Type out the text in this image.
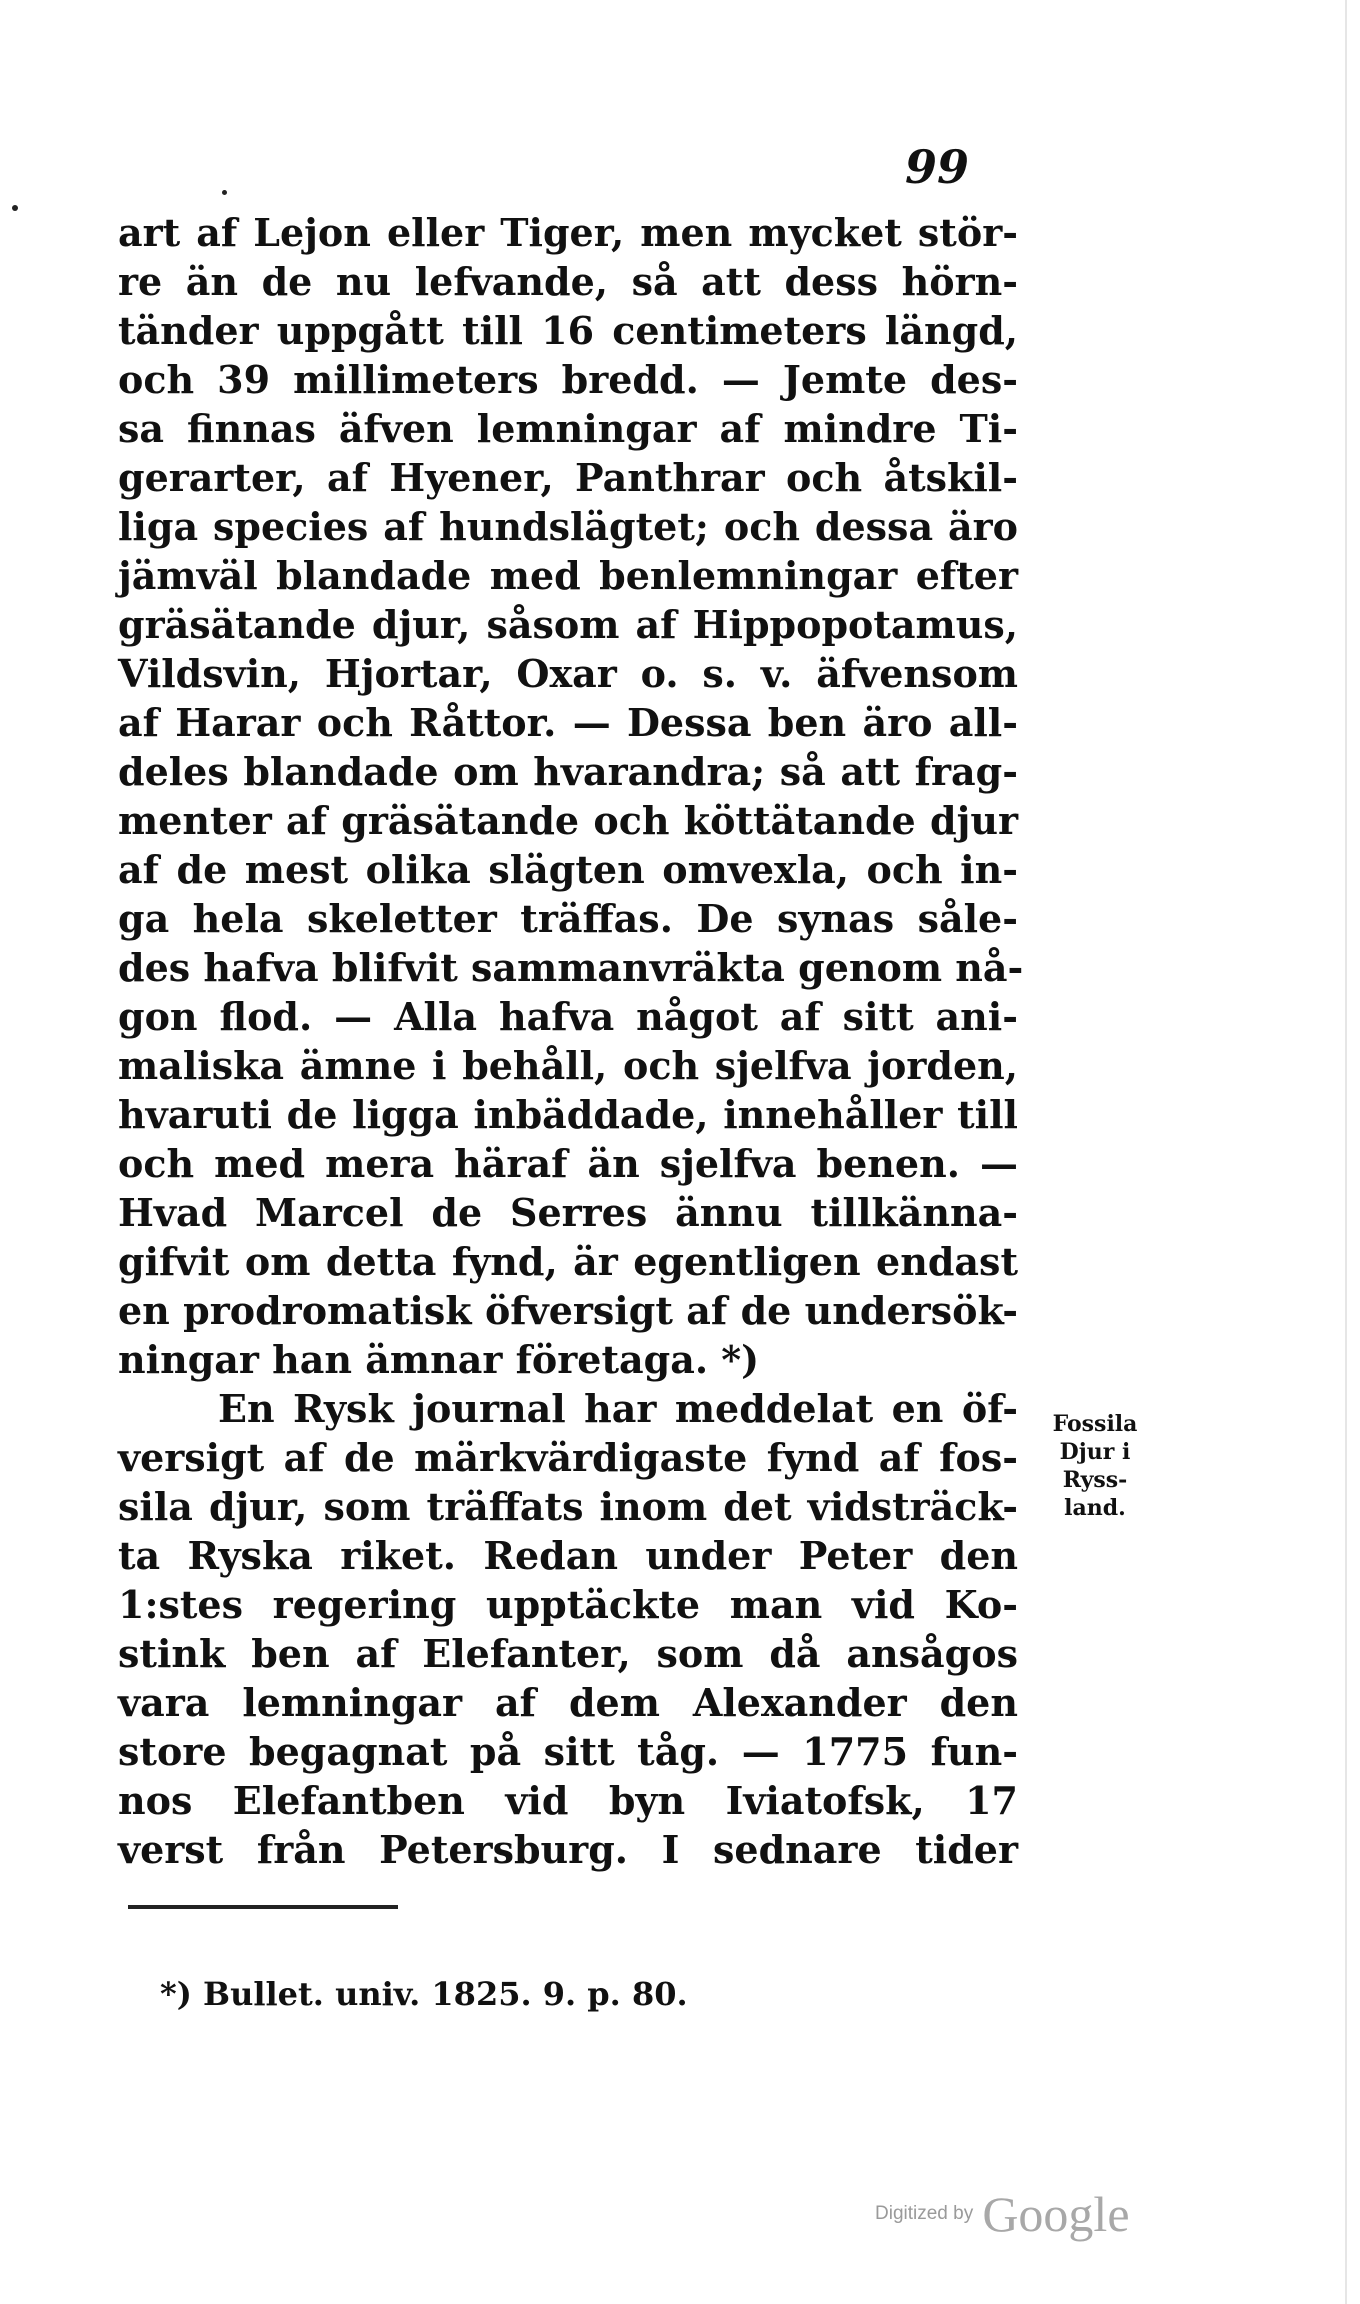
99
art af Lejon eller Tiger, men mycket stör-
re än de nu lefvande, så att dess hörn-
tänder uppgått till 16 centimeters längd,
och 39 millimeters bredd. — Jemte des-
sa finnas äfven lemningar af mindre Ti-
gerarter, af Hyener, Panthrar och åtskil-
liga species af hundslägtet; och dessa äro
jämväl blandade med benlemningar efter
gräsätande djur, såsom af Hippopotamus,
Vildsvin, Hjortar, Oxar o. s. v. äfvensom
af Harar och Råttor. — Dessa ben äro all-
deles blandade om hvarandra; så att frag-
menter af gräsätande och köttätande djur
af de mest olika slägten omvexla, och in-
ga hela skeletter träffas. De synas såle-
des hafva blifvit sammanvräkta genom nå-
gon flod. — Alla hafva något af sitt ani-
maliska ämne i behåll, och sjelfva jorden,
hvaruti de ligga inbäddade, innehåller till
och med mera häraf än sjelfva benen. —
Hvad Marcel de Serres ännu tillkänna-
gifvit om detta fynd, är egentligen endast
en prodromatisk öfversigt af de undersök-
ningar han ämnar företaga. *)
En Rysk journal har meddelat en öf-
versigt af de märkvärdigaste fynd af fos-
sila djur, som träffats inom det vidsträck-
ta Ryska riket. Redan under Peter den
1:stes regering upptäckte man vid Ko-
stink ben af Elefanter, som då ansågos
vara lemningar af dem Alexander den
store begagnat på sitt tåg. — 1775 fun-
nos Elefantben vid byn Iviatofsk, 17
verst från Petersburg. I sednare tider
Fossila
Djur i
Ryss-
land.
*) Bullet. univ. 1825. 9. p. 80.
Digitized by Google
